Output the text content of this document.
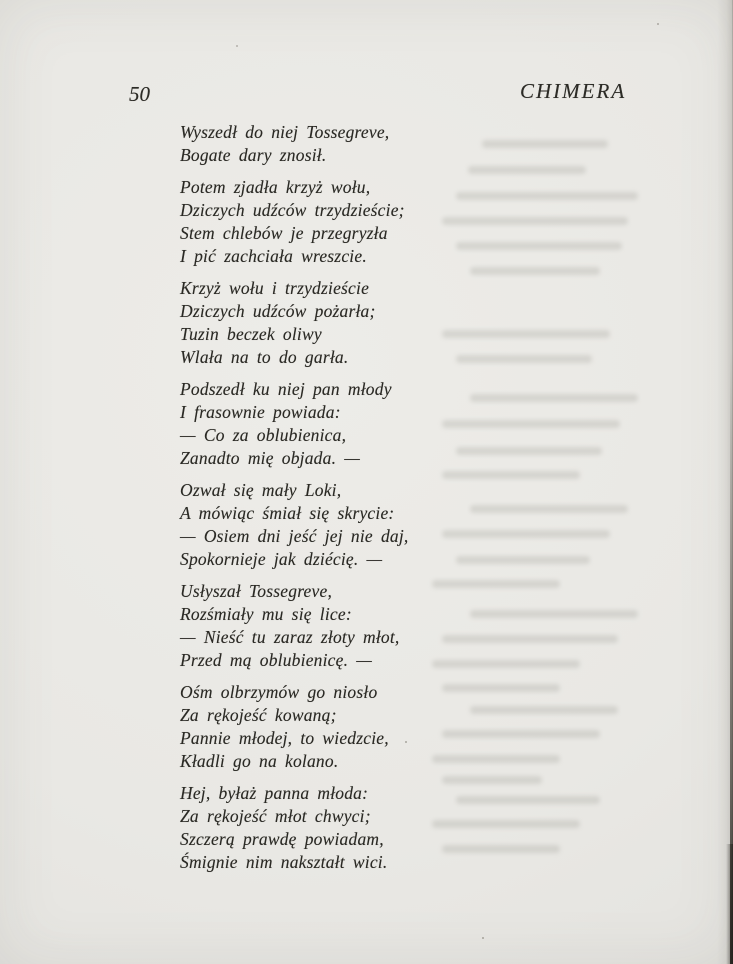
50	CHIMERA
Wyszedł do niej Tossegreve,
Bogate dary znosił.
Potem zjadła krzyż wołu,
Dziczych udźców trzydzieście;
Stem chlebów je przegryzła
I pić zachciała wreszcie.
Krzyż wołu i trzydzieście
Dziczych udźców pożarła;
Tuzin beczek oliwy
Wlała na to do garła.
Podszedł ku niej pan młody
I frasownie powiada:
— Co za oblubienica,
Zanadto mię objada. —
Ozwał się mały Loki,
A mówiąc śmiał się skrycie:
— Osiem dni jeść jej nie daj,
Spokornieje jak dziécię. —
Usłyszał Tossegreve,
Rozśmiały mu się lice:
— Nieść tu zaraz złoty młot,
Przed mą oblubienicę. —
Ośm olbrzymów go niosło
Za rękojeść kowaną;
Pannie młodej, to wiedzcie,
Kładli go na kolano.
Hej, byłaż panna młoda:
Za rękojeść młot chwyci;
Szczerą prawdę powiadam,
Śmignie nim nakształt wici.
